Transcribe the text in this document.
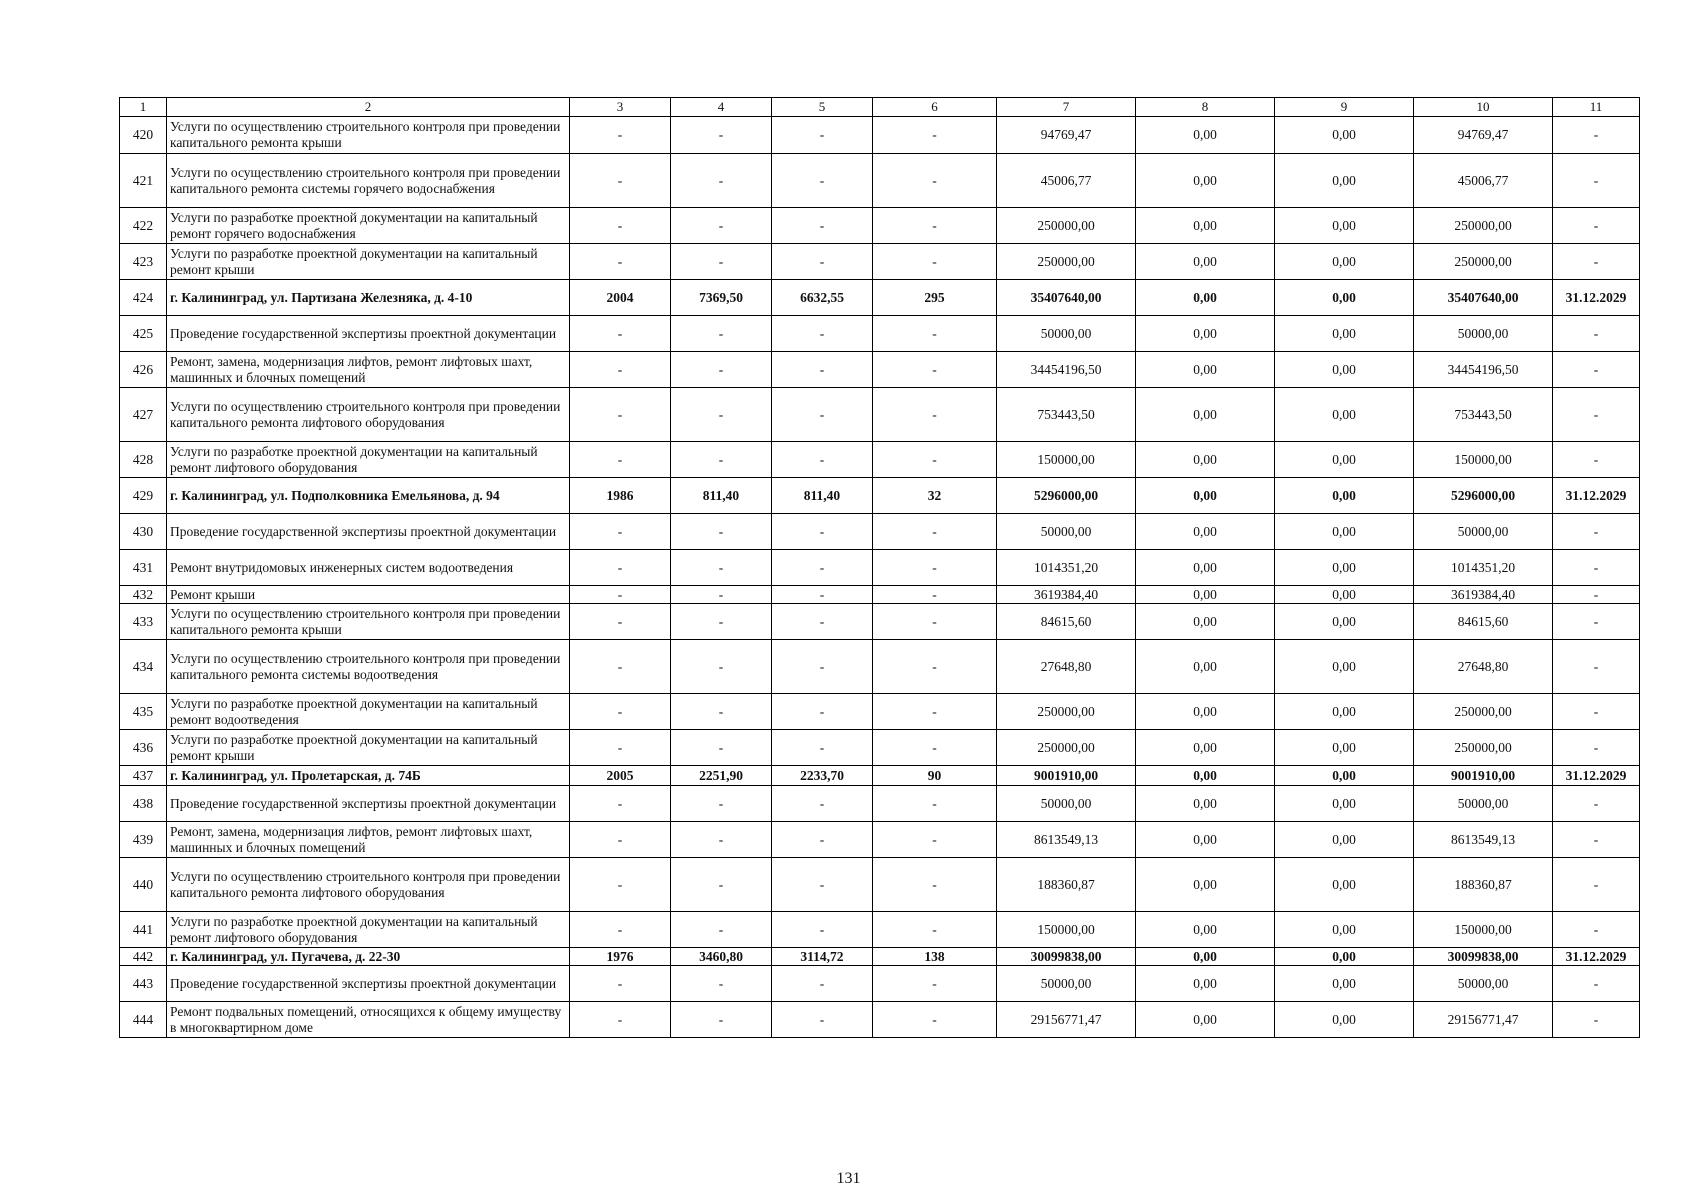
1	2	3	4	5	6	7	8	9	10	11
420	Услуги по осуществлению строительного контроля при проведении капитального ремонта крыши	-	-	-	-	94769,47	0,00	0,00	94769,47	-
421	Услуги по осуществлению строительного контроля при проведении капитального ремонта системы горячего водоснабжения	-	-	-	-	45006,77	0,00	0,00	45006,77	-
422	Услуги по разработке проектной документации на капитальный ремонт горячего водоснабжения	-	-	-	-	250000,00	0,00	0,00	250000,00	-
423	Услуги по разработке проектной документации на капитальный ремонт крыши	-	-	-	-	250000,00	0,00	0,00	250000,00	-
424	г. Калининград, ул. Партизана Железняка, д. 4-10	2004	7369,50	6632,55	295	35407640,00	0,00	0,00	35407640,00	31.12.2029
425	Проведение государственной экспертизы проектной документации	-	-	-	-	50000,00	0,00	0,00	50000,00	-
426	Ремонт, замена, модернизация лифтов, ремонт лифтовых шахт, машинных и блочных помещений	-	-	-	-	34454196,50	0,00	0,00	34454196,50	-
427	Услуги по осуществлению строительного контроля при проведении капитального ремонта лифтового оборудования	-	-	-	-	753443,50	0,00	0,00	753443,50	-
428	Услуги по разработке проектной документации на капитальный ремонт лифтового оборудования	-	-	-	-	150000,00	0,00	0,00	150000,00	-
429	г. Калининград, ул. Подполковника Емельянова, д. 94	1986	811,40	811,40	32	5296000,00	0,00	0,00	5296000,00	31.12.2029
430	Проведение государственной экспертизы проектной документации	-	-	-	-	50000,00	0,00	0,00	50000,00	-
431	Ремонт внутридомовых инженерных систем водоотведения	-	-	-	-	1014351,20	0,00	0,00	1014351,20	-
432	Ремонт крыши	-	-	-	-	3619384,40	0,00	0,00	3619384,40	-
433	Услуги по осуществлению строительного контроля при проведении капитального ремонта крыши	-	-	-	-	84615,60	0,00	0,00	84615,60	-
434	Услуги по осуществлению строительного контроля при проведении капитального ремонта системы водоотведения	-	-	-	-	27648,80	0,00	0,00	27648,80	-
435	Услуги по разработке проектной документации на капитальный ремонт водоотведения	-	-	-	-	250000,00	0,00	0,00	250000,00	-
436	Услуги по разработке проектной документации на капитальный ремонт крыши	-	-	-	-	250000,00	0,00	0,00	250000,00	-
437	г. Калининград, ул. Пролетарская, д. 74Б	2005	2251,90	2233,70	90	9001910,00	0,00	0,00	9001910,00	31.12.2029
438	Проведение государственной экспертизы проектной документации	-	-	-	-	50000,00	0,00	0,00	50000,00	-
439	Ремонт, замена, модернизация лифтов, ремонт лифтовых шахт, машинных и блочных помещений	-	-	-	-	8613549,13	0,00	0,00	8613549,13	-
440	Услуги по осуществлению строительного контроля при проведении капитального ремонта лифтового оборудования	-	-	-	-	188360,87	0,00	0,00	188360,87	-
441	Услуги по разработке проектной документации на капитальный ремонт лифтового оборудования	-	-	-	-	150000,00	0,00	0,00	150000,00	-
442	г. Калининград, ул. Пугачева, д. 22-30	1976	3460,80	3114,72	138	30099838,00	0,00	0,00	30099838,00	31.12.2029
443	Проведение государственной экспертизы проектной документации	-	-	-	-	50000,00	0,00	0,00	50000,00	-
444	Ремонт подвальных помещений, относящихся к общему имуществу в многоквартирном доме	-	-	-	-	29156771,47	0,00	0,00	29156771,47	-
131
